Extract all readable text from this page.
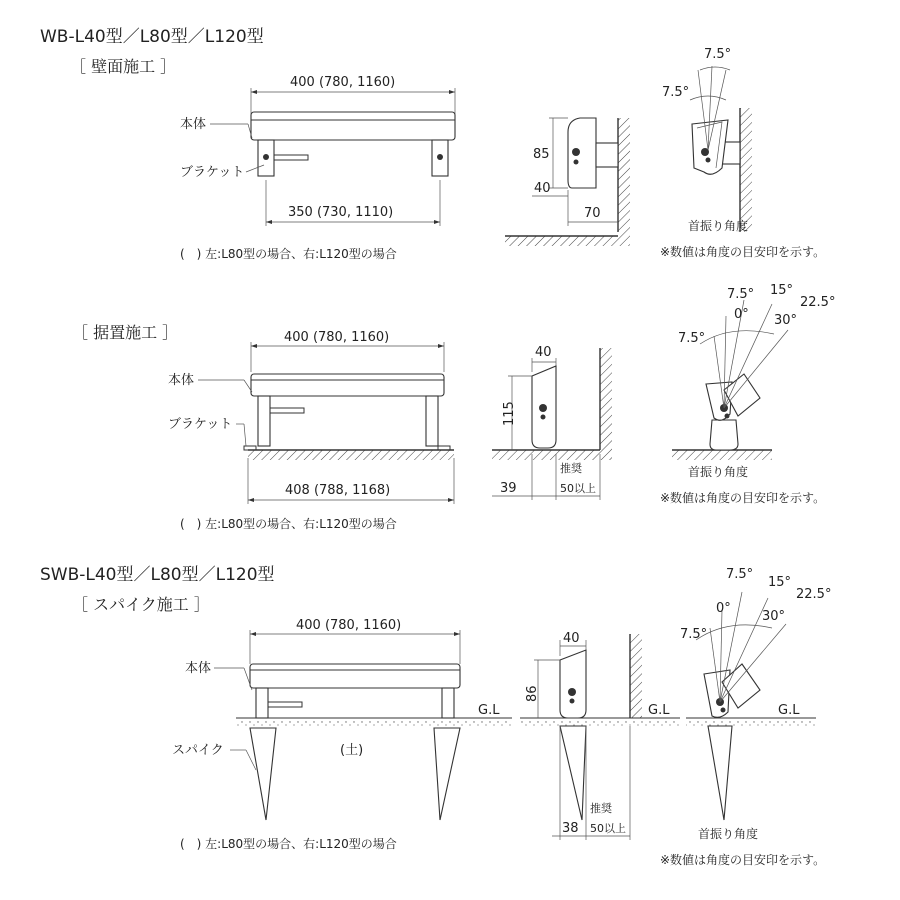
WB-L40型／L80型／L120型
［ 壁面施工 ］
400 (780, 1160)
本体
ブラケット
350 (730, 1110)
(　) 左:L80型の場合、右:L120型の場合
85
40
70
7.5°
7.5°
首振り角度
※数値は角度の目安印を示す。
［ 据置施工 ］	400 (780, 1160)
本体
ブラケット
408 (788, 1168)
(　) 左:L80型の場合、右:L120型の場合
40
115
39
推奨
50以上
7.5°
0°
15°
22.5°
30°
7.5°
首振り角度
※数値は角度の目安印を示す。
SWB-L40型／L80型／L120型
［ スパイク施工 ］
400 (780, 1160)
本体
スパイク	(土)
G.L
(　) 左:L80型の場合、右:L120型の場合
40
86
G.L
38
推奨
50以上
7.5°
0°
15°
22.5°
30°
7.5°
G.L
首振り角度
※数値は角度の目安印を示す。
